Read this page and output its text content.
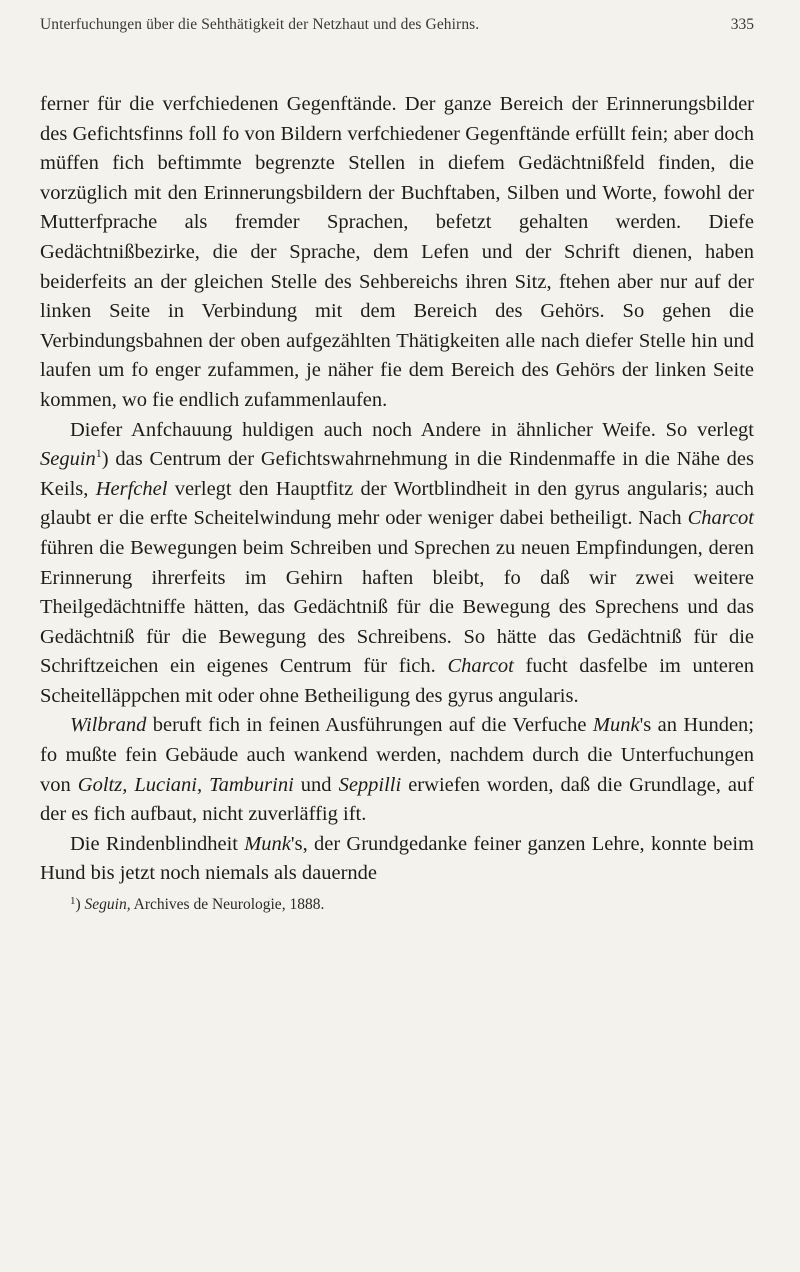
Unterfuchungen über die Sehthätigkeit der Netzhaut und des Gehirns.	335

ferner für die verfchiedenen Gegenftände. Der ganze Bereich der Erinnerungsbilder des Gefichtsfinns foll fo von Bildern verfchiedener Gegenftände erfüllt fein; aber doch müffen fich beftimmte begrenzte Stellen in diefem Gedächtnißfeld finden, die vorzüglich mit den Erinnerungsbildern der Buchftaben, Silben und Worte, fowohl der Mutterfprache als fremder Sprachen, befetzt gehalten werden. Diefe Gedächtnißbezirke, die der Sprache, dem Lefen und der Schrift dienen, haben beiderfeits an der gleichen Stelle des Sehbereichs ihren Sitz, ftehen aber nur auf der linken Seite in Verbindung mit dem Bereich des Gehörs. So gehen die Verbindungsbahnen der oben aufgezählten Thätigkeiten alle nach diefer Stelle hin und laufen um fo enger zufammen, je näher fie dem Bereich des Gehörs der linken Seite kommen, wo fie endlich zufammenlaufen.

Diefer Anfchauung huldigen auch noch Andere in ähnlicher Weife. So verlegt Seguin$^1$) das Centrum der Gefichtswahrnehmung in die Rindenmaffe in die Nähe des Keils, Herfchel verlegt den Hauptfitz der Wortblindheit in den gyrus angularis; auch glaubt er die erfte Scheitelwindung mehr oder weniger dabei betheiligt. Nach Charcot führen die Bewegungen beim Schreiben und Sprechen zu neuen Empfindungen, deren Erinnerung ihrerfeits im Gehirn haften bleibt, fo daß wir zwei weitere Theilgedächtniffe hätten, das Gedächtniß für die Bewegung des Sprechens und das Gedächtniß für die Bewegung des Schreibens. So hätte das Gedächtniß für die Schriftzeichen ein eigenes Centrum für fich. Charcot fucht dasfelbe im unteren Scheitelläppchen mit oder ohne Betheiligung des gyrus angularis.

Wilbrand beruft fich in feinen Ausführungen auf die Verfuche Munk's an Hunden; fo mußte fein Gebäude auch wankend werden, nachdem durch die Unterfuchungen von Goltz, Luciani, Tamburini und Seppilli erwiefen worden, daß die Grundlage, auf der es fich aufbaut, nicht zuverläffig ift.

Die Rindenblindheit Munk's, der Grundgedanke feiner ganzen Lehre, konnte beim Hund bis jetzt noch niemals als dauernde

$^1$) Seguin, Archives de Neurologie, 1888.
